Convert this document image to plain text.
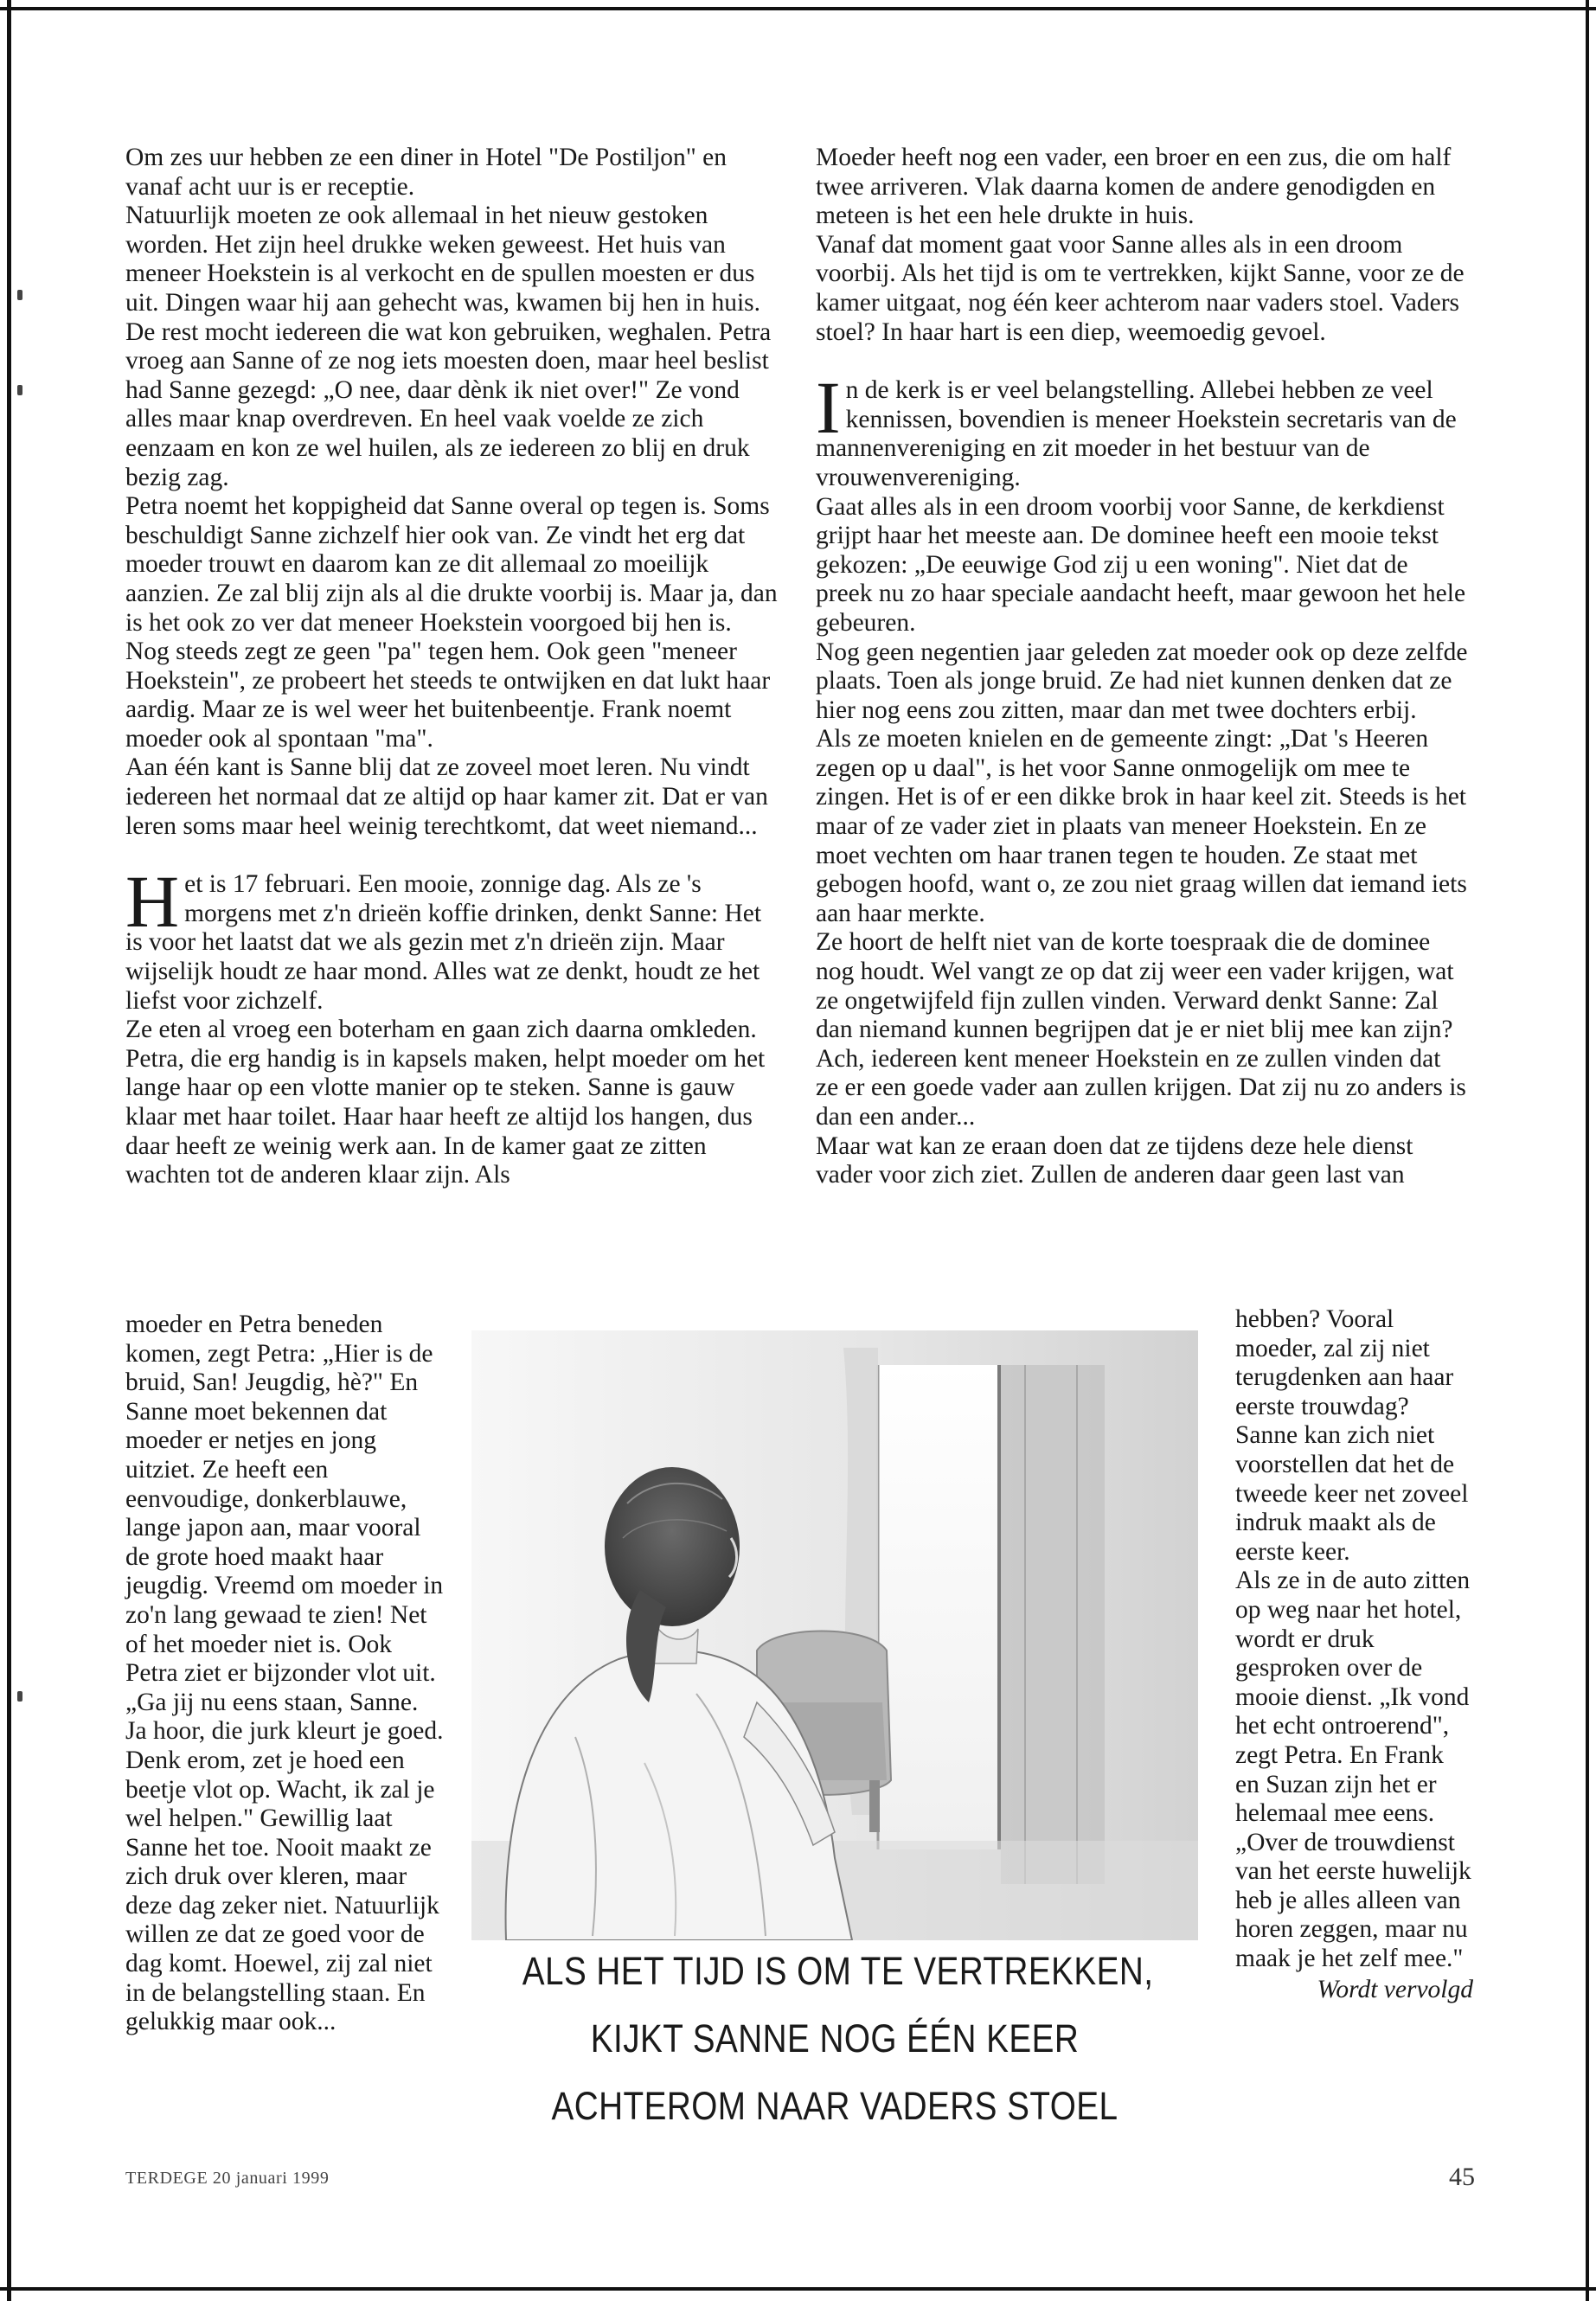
Om zes uur hebben ze een diner in Hotel "De Postiljon" en vanaf acht uur is er receptie.

Natuurlijk moeten ze ook allemaal in het nieuw gestoken worden. Het zijn heel drukke weken geweest. Het huis van meneer Hoekstein is al verkocht en de spullen moesten er dus uit. Dingen waar hij aan gehecht was, kwamen bij hen in huis. De rest mocht iedereen die wat kon gebruiken, weghalen. Petra vroeg aan Sanne of ze nog iets moesten doen, maar heel beslist had Sanne gezegd: „O nee, daar dènk ik niet over!" Ze vond alles maar knap overdreven. En heel vaak voelde ze zich eenzaam en kon ze wel huilen, als ze iedereen zo blij en druk bezig zag.

Petra noemt het koppigheid dat Sanne overal op tegen is. Soms beschuldigt Sanne zichzelf hier ook van. Ze vindt het erg dat moeder trouwt en daarom kan ze dit allemaal zo moeilijk aanzien. Ze zal blij zijn als al die drukte voorbij is. Maar ja, dan is het ook zo ver dat meneer Hoekstein voorgoed bij hen is.

Nog steeds zegt ze geen "pa" tegen hem. Ook geen "meneer Hoekstein", ze probeert het steeds te ontwijken en dat lukt haar aardig. Maar ze is wel weer het buitenbeentje. Frank noemt moeder ook al spontaan "ma".

Aan één kant is Sanne blij dat ze zoveel moet leren. Nu vindt iedereen het normaal dat ze altijd op haar kamer zit. Dat er van leren soms maar heel weinig terechtkomt, dat weet niemand...

Het is 17 februari. Een mooie, zonnige dag. Als ze 's morgens met z'n drieën koffie drinken, denkt Sanne: Het is voor het laatst dat we als gezin met z'n drieën zijn. Maar wijselijk houdt ze haar mond. Alles wat ze denkt, houdt ze het liefst voor zichzelf.

Ze eten al vroeg een boterham en gaan zich daarna omkleden. Petra, die erg handig is in kapsels maken, helpt moeder om het lange haar op een vlotte manier op te steken. Sanne is gauw klaar met haar toilet. Haar haar heeft ze altijd los hangen, dus daar heeft ze weinig werk aan. In de kamer gaat ze zitten wachten tot de anderen klaar zijn. Als

moeder en Petra beneden komen, zegt Petra: „Hier is de bruid, San! Jeugdig, hè?" En Sanne moet bekennen dat moeder er netjes en jong uitziet. Ze heeft een eenvoudige, donkerblauwe, lange japon aan, maar vooral de grote hoed maakt haar jeugdig. Vreemd om moeder in zo'n lang gewaad te zien! Net of het moeder niet is. Ook Petra ziet er bijzonder vlot uit.

„Ga jij nu eens staan, Sanne. Ja hoor, die jurk kleurt je goed. Denk erom, zet je hoed een beetje vlot op. Wacht, ik zal je wel helpen." Gewillig laat Sanne het toe. Nooit maakt ze zich druk over kleren, maar deze dag zeker niet. Natuurlijk willen ze dat ze goed voor de dag komt. Hoewel, zij zal niet in de belangstelling staan. En gelukkig maar ook...

Moeder heeft nog een vader, een broer en een zus, die om half twee arriveren. Vlak daarna komen de andere genodigden en meteen is het een hele drukte in huis.

Vanaf dat moment gaat voor Sanne alles als in een droom voorbij. Als het tijd is om te vertrekken, kijkt Sanne, voor ze de kamer uitgaat, nog één keer achterom naar vaders stoel. Vaders stoel? In haar hart is een diep, weemoedig gevoel.

In de kerk is er veel belangstelling. Allebei hebben ze veel kennissen, bovendien is meneer Hoekstein secretaris van de mannenvereniging en zit moeder in het bestuur van de vrouwenvereniging.

Gaat alles als in een droom voorbij voor Sanne, de kerkdienst grijpt haar het meeste aan. De dominee heeft een mooie tekst gekozen: „De eeuwige God zij u een woning". Niet dat de preek nu zo haar speciale aandacht heeft, maar gewoon het hele gebeuren.

Nog geen negentien jaar geleden zat moeder ook op deze zelfde plaats. Toen als jonge bruid. Ze had niet kunnen denken dat ze hier nog eens zou zitten, maar dan met twee dochters erbij.

Als ze moeten knielen en de gemeente zingt: „Dat 's Heeren zegen op u daal", is het voor Sanne onmogelijk om mee te zingen. Het is of er een dikke brok in haar keel zit. Steeds is het maar of ze vader ziet in plaats van meneer Hoekstein. En ze moet vechten om haar tranen tegen te houden. Ze staat met gebogen hoofd, want o, ze zou niet graag willen dat iemand iets aan haar merkte.

Ze hoort de helft niet van de korte toespraak die de dominee nog houdt. Wel vangt ze op dat zij weer een vader krijgen, wat ze ongetwijfeld fijn zullen vinden. Verward denkt Sanne: Zal dan niemand kunnen begrijpen dat je er niet blij mee kan zijn? Ach, iedereen kent meneer Hoekstein en ze zullen vinden dat ze er een goede vader aan zullen krijgen. Dat zij nu zo anders is dan een ander...

Maar wat kan ze eraan doen dat ze tijdens deze hele dienst vader voor zich ziet. Zullen de anderen daar geen last van

hebben? Vooral moeder, zal zij niet terugdenken aan haar eerste trouwdag? Sanne kan zich niet voorstellen dat het de tweede keer net zoveel indruk maakt als de eerste keer.

Als ze in de auto zitten op weg naar het hotel, wordt er druk gesproken over de mooie dienst. „Ik vond het echt ontroerend", zegt Petra. En Frank en Suzan zijn het er helemaal mee eens. „Over de trouwdienst van het eerste huwelijk heb je alles alleen van horen zeggen, maar nu maak je het zelf mee."

Wordt vervolgd

ALS HET TIJD IS OM TE VERTREKKEN,
KIJKT SANNE NOG ÉÉN KEER
ACHTEROM NAAR VADERS STOEL
TERDEGE 20 januari 1999	45
